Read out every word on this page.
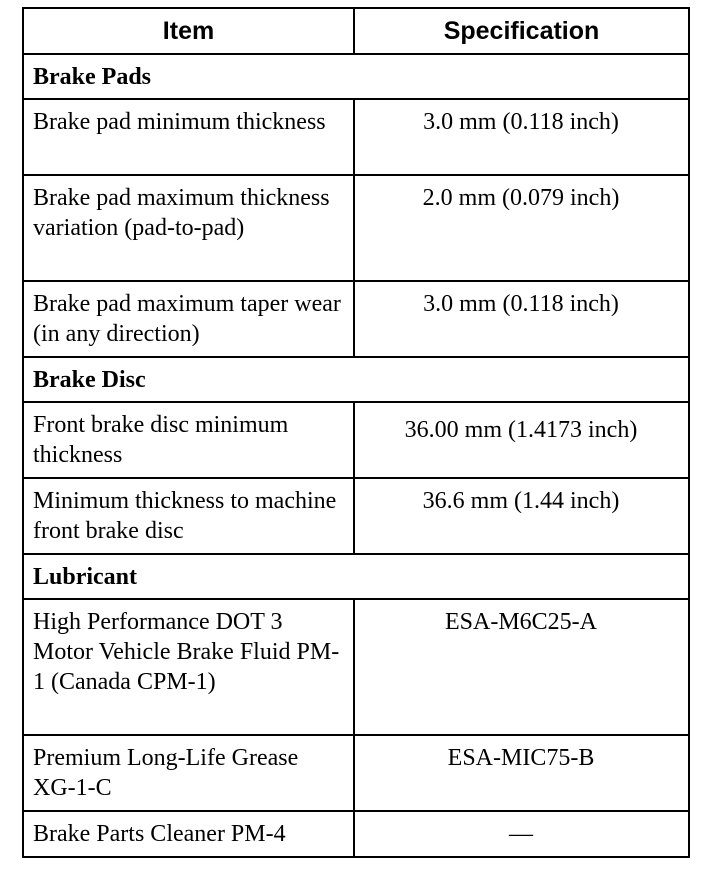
Item	Specification
Brake Pads	
Brake pad minimum thickness	3.0 mm (0.118 inch)
Brake pad maximum thickness variation (pad-to-pad)	2.0 mm (0.079 inch)
Brake pad maximum taper wear (in any direction)	3.0 mm (0.118 inch)
Brake Disc	
Front brake disc minimum thickness	36.00 mm (1.4173 inch)
Minimum thickness to machine front brake disc	36.6 mm (1.44 inch)
Lubricant	
High Performance DOT 3 Motor Vehicle Brake Fluid PM-1 (Canada CPM-1)	ESA-M6C25-A
Premium Long-Life Grease XG-1-C	ESA-MIC75-B
Brake Parts Cleaner PM-4	—
